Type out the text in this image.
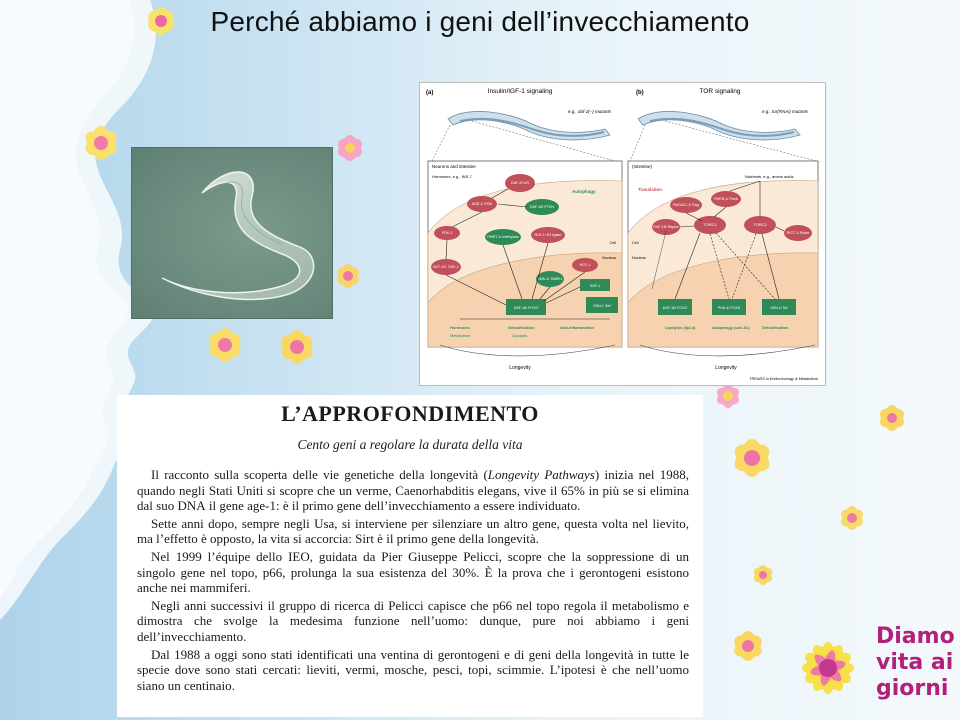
Perché abbiamo i geni dell’invecchiamento
(a)	Insulin/IGF-1 signaling
e.g., daf-2(–) mutants
Neurons and intestine
Hormones, e.g., INS-7
Cell
Nucleus
Autophagy
DAF-2/ InR
AGE-1/ PI3K
DAF-18/ PTEN
PDK-1
PMRT-1/ methylase	RLE-1/ E3 ligase
AKT-1/2, SGK-1
SMK-1/ SMEK1
HCF-1
HSF-1
DAF-16/ FOXO	SKN-1 /Nrf
Hormones
Metabolism
Detoxification
Lipolysis
Anti-inflammation
Longevity
(b)	TOR signaling
e.g., tor(RNAi) mutants
(Intestine)
Nutrients, e.g., amino acids
Cell
Nucleus
Translation
RAGA/C-1/ Rag
RHEB-1/ Rheb
DAF-15/ Raptor	TORC1	TORC2
RICT-1/ Rictor
DAF-16/ FOXO	PHA-4/ FOXA	SKN-1/ Nrf
Lipolysis (lipl-4)	Autophagy (unc-51)	Detoxification
Longevity
TRENDS in Endocrinology & Metabolism
L’APPROFONDIMENTO
Cento geni a regolare la durata della vita

Il racconto sulla scoperta delle vie genetiche della longevità (Longevity Pathways) inizia nel 1988, quando negli Stati Uniti si scopre che un verme, Caenorhabditis elegans, vive il 65% in più se si elimina dal suo DNA il gene age-1: è il primo gene dell’invecchiamento a essere individuato.

Sette anni dopo, sempre negli Usa, si interviene per silenziare un altro gene, questa volta nel lievito, ma l’effetto è opposto, la vita si accorcia: Sirt è il primo gene della longevità.

Nel 1999 l’équipe dello IEO, guidata da Pier Giuseppe Pelicci, scopre che la soppressione di un singolo gene nel topo, p66, prolunga la sua esistenza del 30%. È la prova che i gerontogeni esistono anche nei mammiferi.

Negli anni successivi il gruppo di ricerca di Pelicci capisce che p66 nel topo regola il metabolismo e dimostra che svolge la medesima funzione nell’uomo: dunque, pure noi abbiamo i geni dell’invecchiamento.

Dal 1988 a oggi sono stati identificati una ventina di gerontogeni e di geni della longevità in tutte le specie dove sono stati cercati: lieviti, vermi, mosche, pesci, topi, scimmie. L’ipotesi è che nell’uomo siano un centinaio.

Diamo
vita ai
giorni
